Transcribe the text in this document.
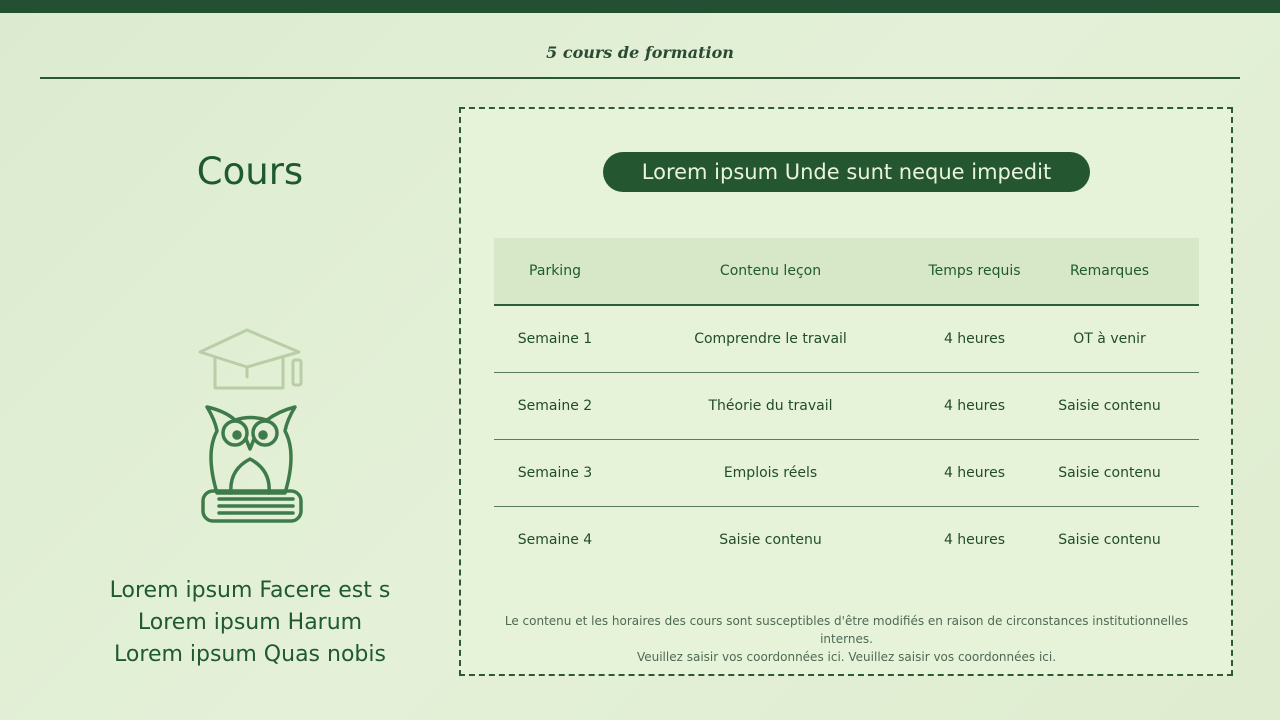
5 cours de formation
Cours
Lorem ipsum Facere est s
Lorem ipsum Harum
Lorem ipsum Quas nobis
Lorem ipsum Unde sunt neque impedit
Parking	Contenu leçon	Temps requis	Remarques
Semaine 1	Comprendre le travail	4 heures	OT à venir
Semaine 2	Théorie du travail	4 heures	Saisie contenu
Semaine 3	Emplois réels	4 heures	Saisie contenu
Semaine 4	Saisie contenu	4 heures	Saisie contenu
Le contenu et les horaires des cours sont susceptibles d'être modifiés en raison de circonstances institutionnelles internes.
Veuillez saisir vos coordonnées ici. Veuillez saisir vos coordonnées ici.
